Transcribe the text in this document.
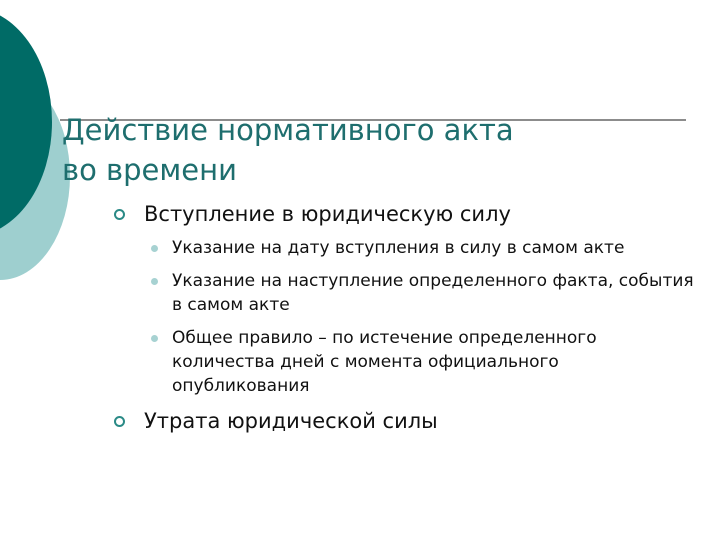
Действие нормативного акта
во времени
Вступление в юридическую силу
Указание на дату вступления в силу в самом акте
Указание на наступление определенного факта, события в самом акте
Общее правило – по истечение определенного количества дней с момента официального опубликования
Утрата юридической силы
